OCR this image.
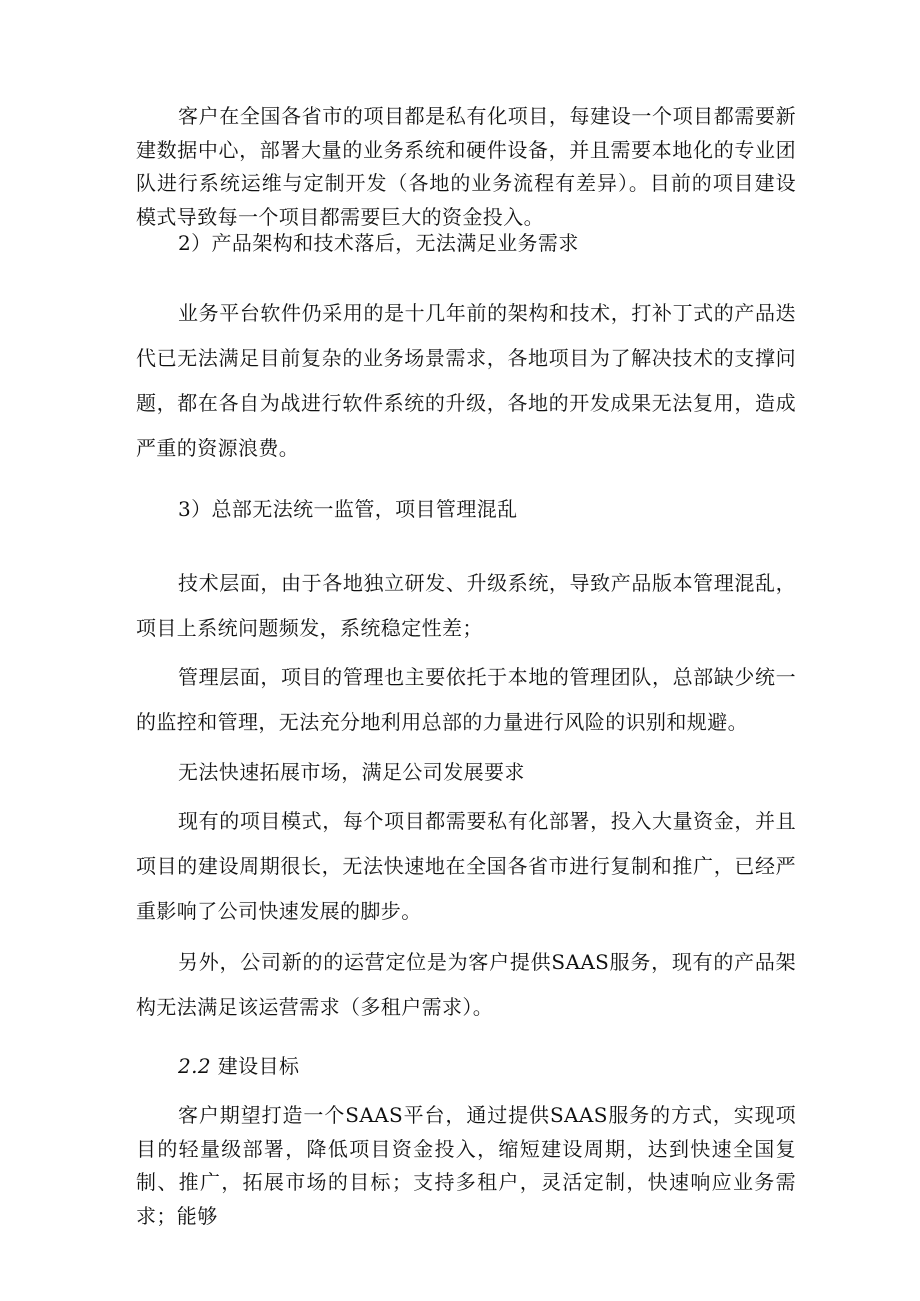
客户在全国各省市的项目都是私有化项目，每建设一个项目都需要新建数据中心，部署大量的业务系统和硬件设备，并且需要本地化的专业团队进行系统运维与定制开发（各地的业务流程有差异）。目前的项目建设模式导致每一个项目都需要巨大的资金投入。

2）产品架构和技术落后，无法满足业务需求

业务平台软件仍采用的是十几年前的架构和技术，打补丁式的产品迭代已无法满足目前复杂的业务场景需求，各地项目为了解决技术的支撑问题，都在各自为战进行软件系统的升级，各地的开发成果无法复用，造成严重的资源浪费。

3）总部无法统一监管，项目管理混乱

技术层面，由于各地独立研发、升级系统，导致产品版本管理混乱，项目上系统问题频发，系统稳定性差；

管理层面，项目的管理也主要依托于本地的管理团队，总部缺少统一的监控和管理，无法充分地利用总部的力量进行风险的识别和规避。

无法快速拓展市场，满足公司发展要求

现有的项目模式，每个项目都需要私有化部署，投入大量资金，并且项目的建设周期很长，无法快速地在全国各省市进行复制和推广，已经严重影响了公司快速发展的脚步。

另外，公司新的的运营定位是为客户提供SAAS服务，现有的产品架构无法满足该运营需求（多租户需求）。

2.2 建设目标

客户期望打造一个SAAS平台，通过提供SAAS服务的方式，实现项目的轻量级部署，降低项目资金投入，缩短建设周期，达到快速全国复制、推广，拓展市场的目标；支持多租户，灵活定制，快速响应业务需求；能够
